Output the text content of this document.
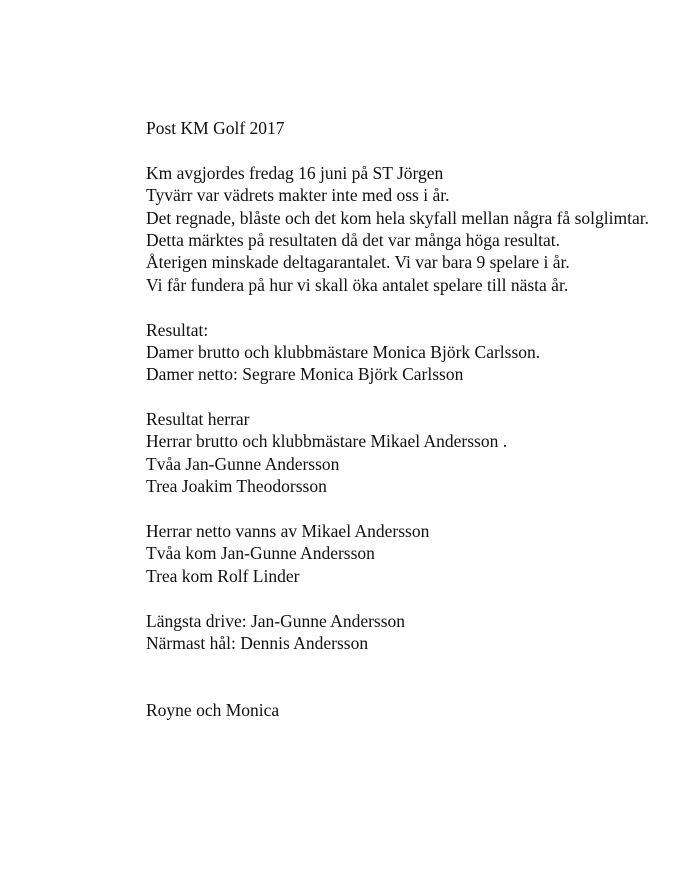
Post KM Golf 2017
Km avgjordes fredag 16 juni på ST Jörgen
Tyvärr var vädrets makter inte med oss i år.
Det regnade, blåste och det kom hela skyfall mellan några få solglimtar.
Detta märktes på resultaten då det var många höga resultat.
Återigen minskade deltagarantalet. Vi var bara 9 spelare i år.
Vi får fundera på hur vi skall öka antalet spelare till nästa år.
Resultat:
Damer brutto och klubbmästare Monica Björk Carlsson.
Damer netto: Segrare Monica Björk Carlsson
Resultat herrar
Herrar brutto och klubbmästare Mikael Andersson .
Tvåa Jan-Gunne Andersson
Trea Joakim Theodorsson
Herrar netto vanns av Mikael Andersson
Tvåa kom Jan-Gunne Andersson
Trea kom Rolf Linder
Längsta drive: Jan-Gunne Andersson
Närmast hål: Dennis Andersson
Royne och Monica
